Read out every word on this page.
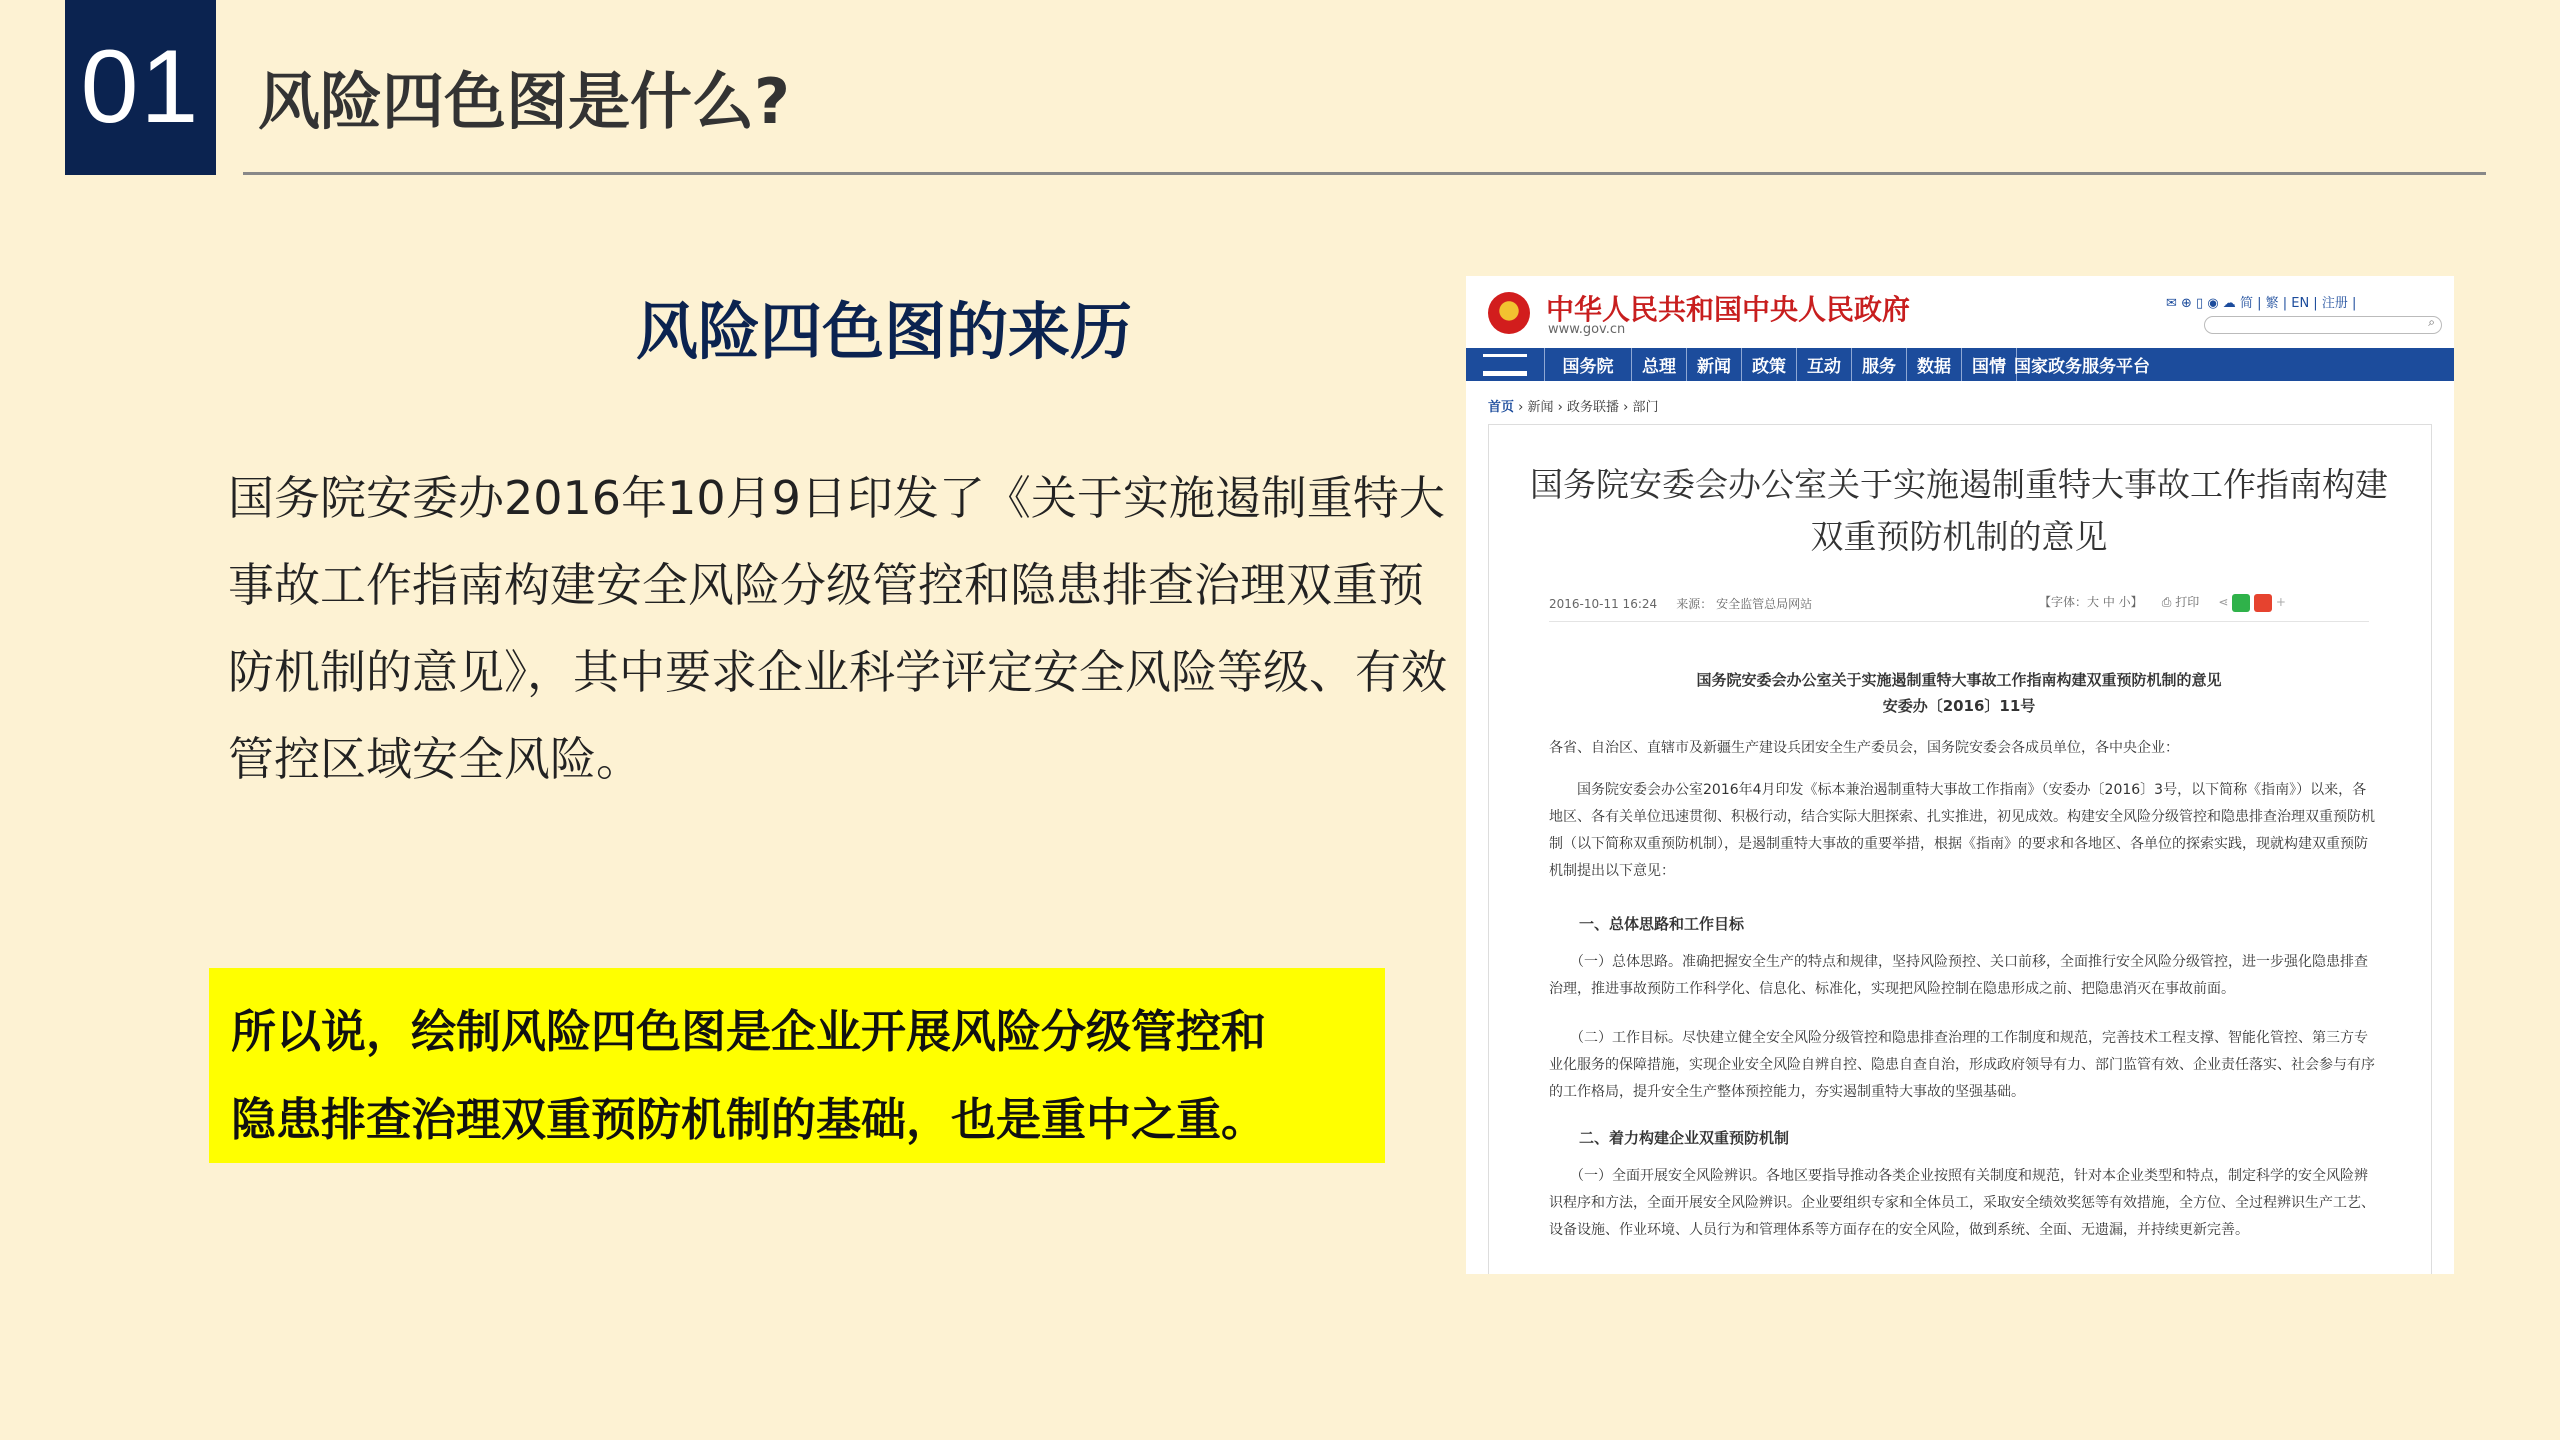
01 风险四色图是什么?
风险四色图的来历

国务院安委办2016年10月9日印发了《关于实施遏制重特大事故工作指南构建安全风险分级管控和隐患排查治理双重预防机制的意见》，其中要求企业科学评定安全风险等级、有效管控区域安全风险。

所以说，绘制风险四色图是企业开展风险分级管控和

隐患排查治理双重预防机制的基础，也是重中之重。

中华人民共和国中央人民政府
www.gov.cn
✉ ⊕ ▯ ◉ ☁ 简 | 繁 | EN | 注册 |
⌕
国务院	总理	新闻	政策	互动	服务	数据	国情 国家政务服务平台
首页 › 新闻 › 政务联播 › 部门
国务院安委会办公室关于实施遏制重特大事故工作指南构建双重预防机制的意见
2016-10-11 16:24 来源： 安全监管总局网站	【字体：大 中 小】 ⎙ 打印 ⋖	+
国务院安委会办公室关于实施遏制重特大事故工作指南构建双重预防机制的意见
安委办〔2016〕11号

各省、自治区、直辖市及新疆生产建设兵团安全生产委员会，国务院安委会各成员单位，各中央企业：

　　国务院安委会办公室2016年4月印发《标本兼治遏制重特大事故工作指南》（安委办〔2016〕3号，以下简称《指南》）以来，各地区、各有关单位迅速贯彻、积极行动，结合实际大胆探索、扎实推进，初见成效。构建安全风险分级管控和隐患排查治理双重预防机制（以下简称双重预防机制），是遏制重特大事故的重要举措，根据《指南》的要求和各地区、各单位的探索实践，现就构建双重预防机制提出以下意见：

一、总体思路和工作目标

　　（一）总体思路。准确把握安全生产的特点和规律，坚持风险预控、关口前移，全面推行安全风险分级管控，进一步强化隐患排查治理，推进事故预防工作科学化、信息化、标准化，实现把风险控制在隐患形成之前、把隐患消灭在事故前面。

　　（二）工作目标。尽快建立健全安全风险分级管控和隐患排查治理的工作制度和规范，完善技术工程支撑、智能化管控、第三方专业化服务的保障措施，实现企业安全风险自辨自控、隐患自查自治，形成政府领导有力、部门监管有效、企业责任落实、社会参与有序的工作格局，提升安全生产整体预控能力，夯实遏制重特大事故的坚强基础。

二、着力构建企业双重预防机制

　　（一）全面开展安全风险辨识。各地区要指导推动各类企业按照有关制度和规范，针对本企业类型和特点，制定科学的安全风险辨识程序和方法，全面开展安全风险辨识。企业要组织专家和全体员工，采取安全绩效奖惩等有效措施，全方位、全过程辨识生产工艺、设备设施、作业环境、人员行为和管理体系等方面存在的安全风险，做到系统、全面、无遗漏，并持续更新完善。
